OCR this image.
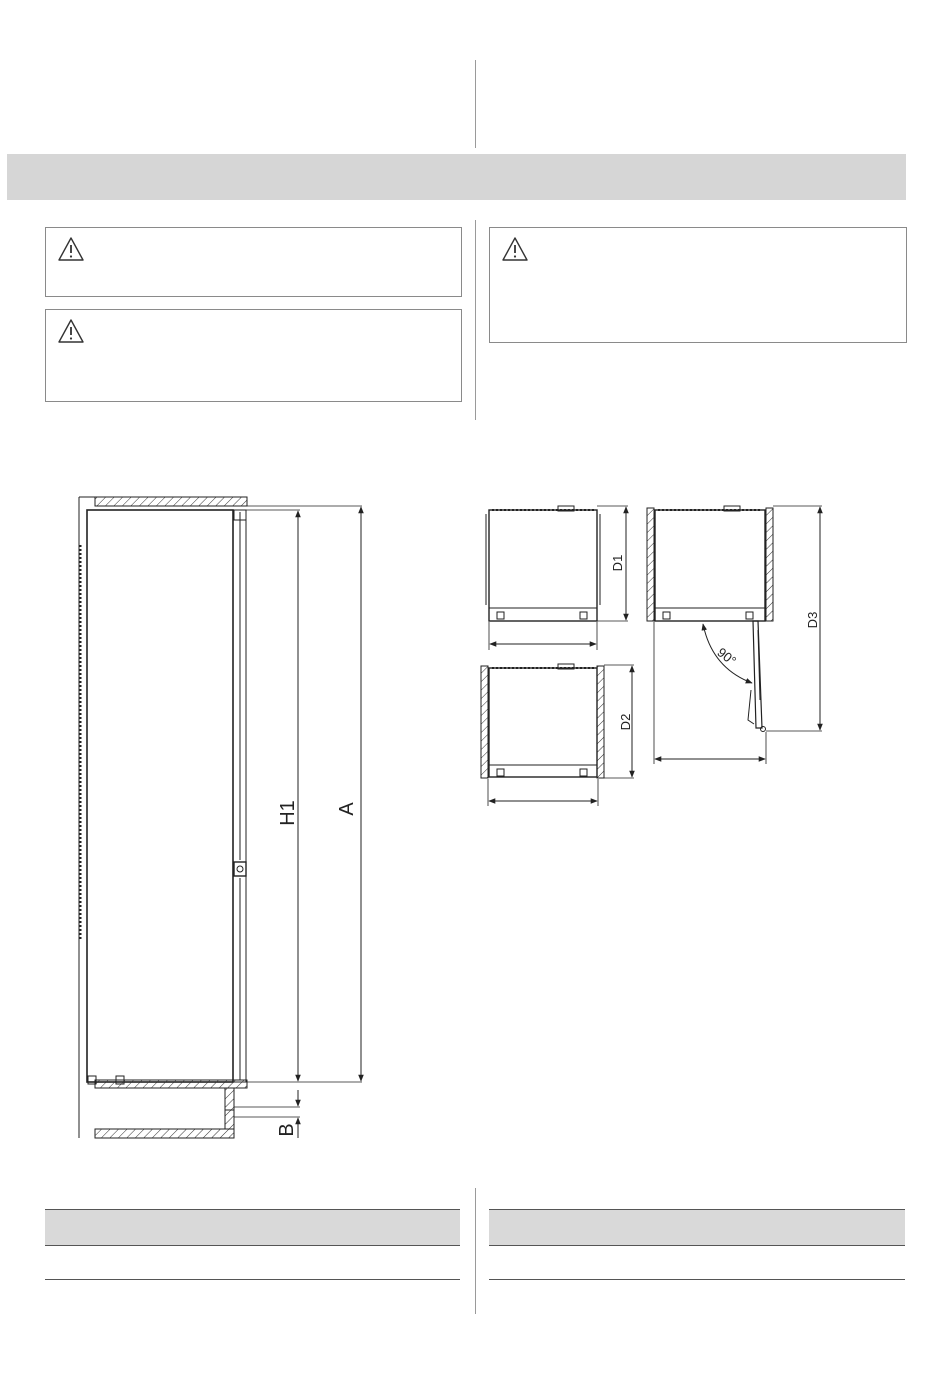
H1 A
B
D1
D2
D3
90°
